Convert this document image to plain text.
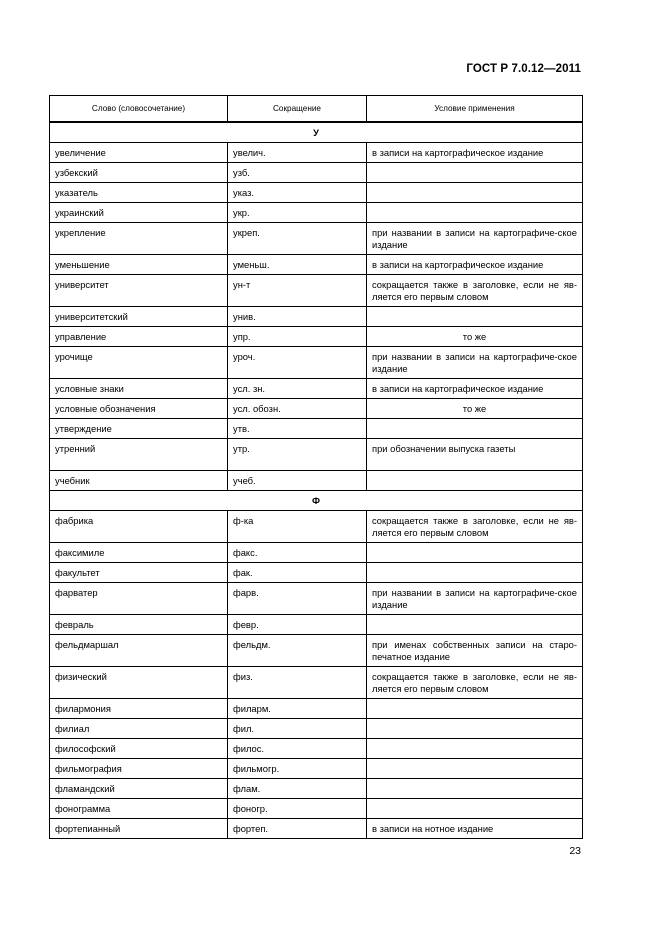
ГОСТ Р 7.0.12—2011
Слово (словосочетание)	Сокращение	Условие применения
У		
увеличение	увелич.	в записи на картографическое издание
узбекский	узб.	
указатель	указ.	
украинский	укр.	
укрепление	укреп.	при названии в записи на картографиче-ское издание
уменьшение	уменьш.	в записи на картографическое издание
университет	ун-т	сокращается также в заголовке, если не яв-ляется его первым словом
университетский	унив.	
управление	упр.	то же
урочище	уроч.	при названии в записи на картографиче-ское издание
условные знаки	усл. зн.	в записи на картографическое издание
условные обозначения	усл. обозн.	то же
утверждение	утв.	
утренний	утр.	при обозначении выпуска газеты
учебник	учеб.	
Ф		
фабрика	ф-ка	сокращается также в заголовке, если не яв-ляется его первым словом
факсимиле	факс.	
факультет	фак.	
фарватер	фарв.	при названии в записи на картографиче-ское издание
февраль	февр.	
фельдмаршал	фельдм.	при именах собственных записи на старо-печатное издание
физический	физ.	сокращается также в заголовке, если не яв-ляется его первым словом
филармония	филарм.	
филиал	фил.	
философский	филос.	
фильмография	фильмогр.	
фламандский	флам.	
фонограмма	фоногр.	
фортепианный	фортеп.	в записи на нотное издание
23
